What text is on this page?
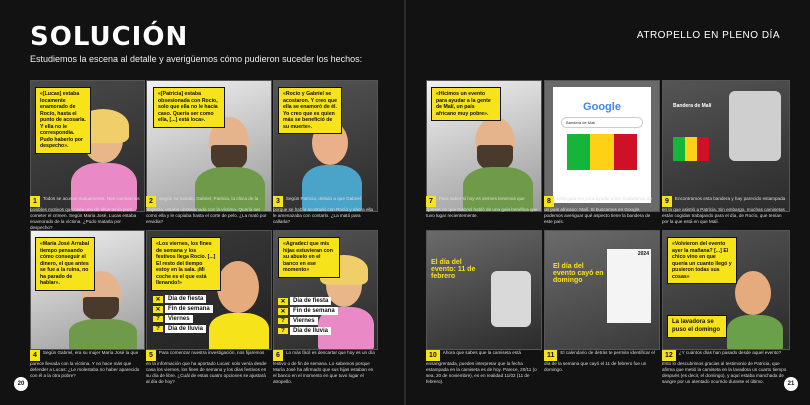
SOLUCIÓN
Estudiemos la escena al detalle y averigüemos cómo pudieron suceder los hechos:
«[Lucas] estaba locamente enamorado de Rocío, hasta el punto de acosarla. Y ella no le correspondía. Pudo haberlo por despecho».
«[Patricia] estaba obsesionada con Rocío, solo que ella no le hacía caso. Quería ser como ella, [...] está loca».
«Rocío y Gabriel se acostaron. Y creo que ella se enamoró de él. Yo creo que es quien más se benefició de su muerte».
1 Todos se acusan mutuamente. Nos cuentan los posibles motivos que cada uno de ellos tenía para cometer el crimen. Según María José, Lucas estaba enamorado de la víctima. ¿Pudo matarla por despecho?
2 Según su mando, Gabriel, Patricia, la chica de la limpieza, estaba obsesionada con la víctima. Quería ser como ella y le copiaba hasta el corte de pelo. ¿La mató por envidia?
3 Según Patricia, debido a que Gabriel porque se había acostado con Rocío y ahora ella le amenazaba con contarlo. ¿La mató para callarla?
«María José Arrabal tiempo pensando cómo conseguir el dinero, el que antes se fue a la ruina, no ha parado de hablar».
«Los viernes, los fines de semana y los festivos llega Rocío. [...] El resto del tiempo estoy en la sala. ¡Mi coche es el que está llenando!»
✕	Día de fiesta
✕	Fin de semana
?	Viernes
?	Día de lluvia
«Agradecí que mis hijas estuvieran con su abuelo en el banco en ese momento»
✕	Día de fiesta
✕	Fin de semana
?	Viernes
?	Día de lluvia
4 Según Gabriel, era su mujer María José la que parece llevada con la víctima. Y no hace más que defender a Lucas: ¿Le molestaba no haber aparecido con él a la otra pobre?
5 Para comenzar nuestra investigación, nos fijaremos en la información que ha aportado Lucas: solo venía desde casa los viernes, los fines de semana y los días festivos en su día de libre. ¿Cuál de estas cuatro opciones se ajustará al día de hoy?
6 Lo más fácil es descartar que hoy es un día festivo o de fin de semana. Lo sabemos porque María José ha afirmado que sus hijas estaban en el banco en el momento en que tuvo lugar el atropello.
20
ATROPELLO EN PLENO DÍA
«Hicimos un evento para ayudar a la gente de Malí, un país africano muy pobre».
Google
Bandera de Malí
Bandera de Malí
7 Para saber si hoy es viernes tenemos que fijarnos en que Gabriel habló de una gala benéfica que tuvo lugar recientemente.
8 Esta gala era para ayudar a los ciudadanos de un país africano: Malí. Si buscamos en Google, podemos averiguar qué aspecto tiene la bandera de este país.
9 Encontramos esta bandera y hay parecido estampada en la que asistió a Patricia. Sin embargo, muchas camisetas están cogidas trabajando para el día, de Rocío, que tenían por la que está en que Malí.
El día del evento: 11 de febrero
El día del evento cayó en domingo
2024
«Volvieron del evento ayer la mañana? [...] El chico vino en que quería un cuanto llegó y pusieron todas sus cosas»
La lavadora se puso el domingo
10 Ahora que sabes que la camiseta está ensangrentada, puedes interpretar que la fecha estampada en la camiseta es de hoy. Parece, 20/11 (o sea, 20 de noviembre), es en realidad 11/02 (11 de febrero).
11 El calendario de detrás te permite identificar el día de la semana que cayó el 11 de febrero fue un domingo.
12 ¿Y cuántos días han pasado desde aquel evento? Esto lo descubrimos gracias al testimonio de Patricia, que afirma que metió la camiseta en la lavadora un cuarto tiempo después (es decir, el domingo), y aquí estaba manchada de sangre por un atentado ocurrido durante el último.	21
